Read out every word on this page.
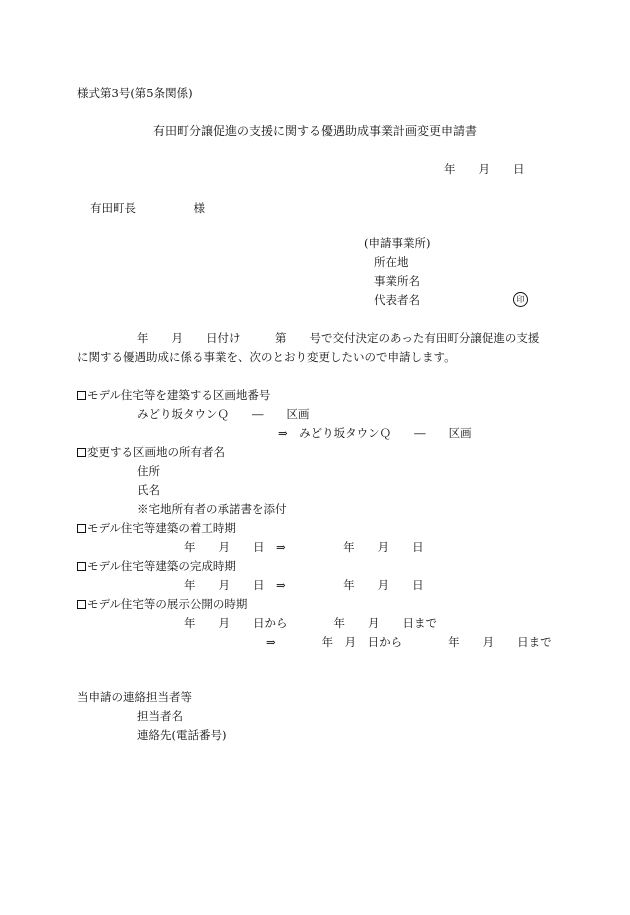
様式第3号(第5条関係)
有田町分譲促進の支援に関する優遇助成事業計画変更申請書
年　　月　　日
有田町長　　　　　様
(申請事業所)
所在地
事業所名
代表者名	印
年　　月　　日付け　　　第　　号で交付決定のあった有田町分譲促進の支援
に関する優遇助成に係る事業を、次のとおり変更したいので申請します。
モデル住宅等を建築する区画地番号
みどり坂タウンＱ　　―　　区画
⇒　みどり坂タウンＱ　　―　　区画
変更する区画地の所有者名
住所
氏名
※宅地所有者の承諾書を添付
モデル住宅等建築の着工時期
年　　月　　日　⇒　　　　　年　　月　　日
モデル住宅等建築の完成時期
年　　月　　日　⇒　　　　　年　　月　　日
モデル住宅等の展示公開の時期
年　　月　　日から　　　　年　　月　　日まで
⇒　　　　年　月　日から　　　　年　　月　　日まで
当申請の連絡担当者等
担当者名
連絡先(電話番号)
